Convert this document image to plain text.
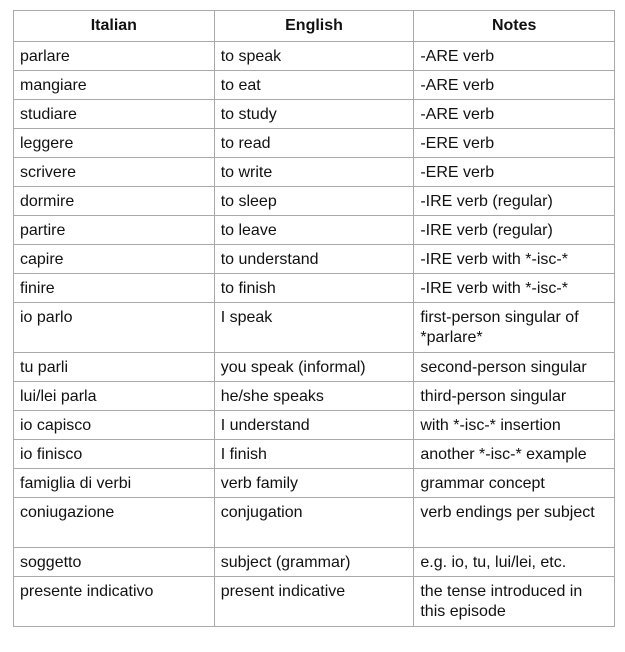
Italian	English	Notes
parlare	to speak	-ARE verb
mangiare	to eat	-ARE verb
studiare	to study	-ARE verb
leggere	to read	-ERE verb
scrivere	to write	-ERE verb
dormire	to sleep	-IRE verb (regular)
partire	to leave	-IRE verb (regular)
capire	to understand	-IRE verb with *-isc-*
finire	to finish	-IRE verb with *-isc-*
io parlo	I speak	first-person singular of *parlare*
tu parli	you speak (informal)	second-person singular
lui/lei parla	he/she speaks	third-person singular
io capisco	I understand	with *-isc-* insertion
io finisco	I finish	another *-isc-* example
famiglia di verbi	verb family	grammar concept
coniugazione	conjugation	verb endings per subject
soggetto	subject (grammar)	e.g. io, tu, lui/lei, etc.
presente indicativo	present indicative	the tense introduced in this episode
